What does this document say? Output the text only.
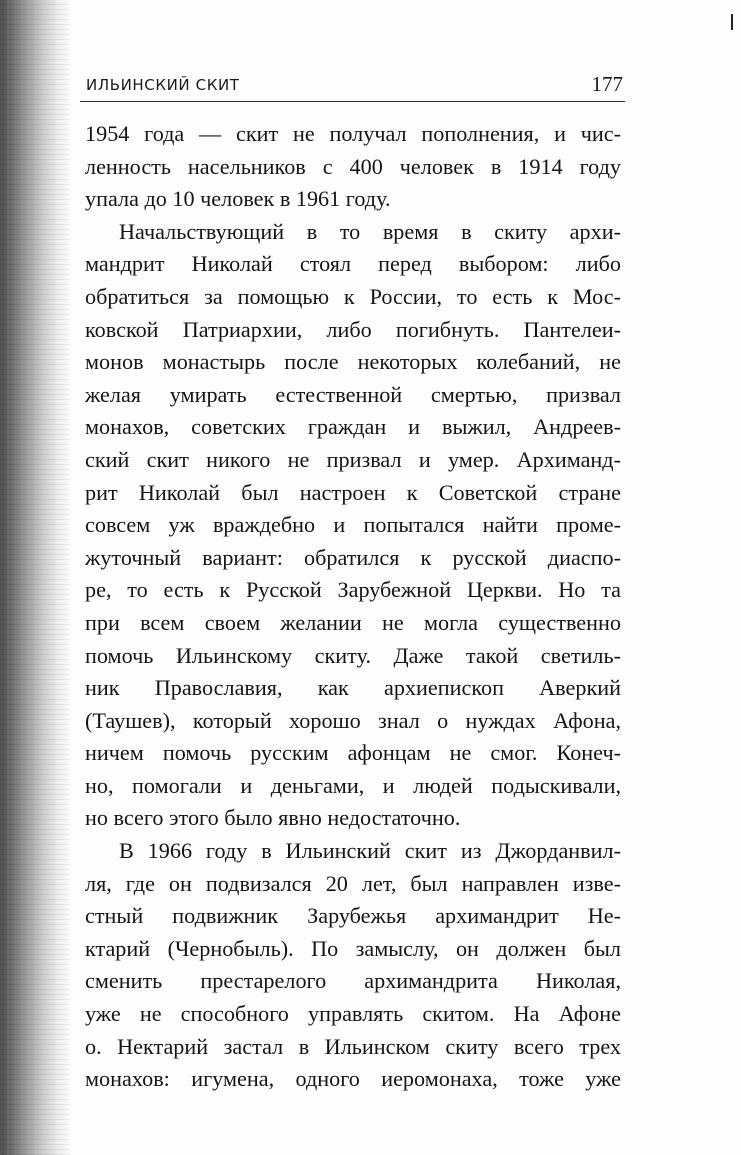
ИЛЬИНСКИЙ СКИТ	177

1954 года — скит не получал пополнения, и чис-
ленность насельников с 400 человек в 1914 году
упала до 10 человек в 1961 году.

Начальствующий в то время в скиту архи-
мандрит Николай стоял перед выбором: либо
обратиться за помощью к России, то есть к Мос-
ковской Патриархии, либо погибнуть. Пантелеи-
монов монастырь после некоторых колебаний, не
желая умирать естественной смертью, призвал
монахов, советских граждан и выжил, Андреев-
ский скит никого не призвал и умер. Архиманд-
рит Николай был настроен к Советской стране
совсем уж враждебно и попытался найти проме-
жуточный вариант: обратился к русской диаспо-
ре, то есть к Русской Зарубежной Церкви. Но та
при всем своем желании не могла существенно
помочь Ильинскому скиту. Даже такой светиль-
ник Православия, как архиепископ Аверкий
(Таушев), который хорошо знал о нуждах Афона,
ничем помочь русским афонцам не смог. Конеч-
но, помогали и деньгами, и людей подыскивали,
но всего этого было явно недостаточно.

В 1966 году в Ильинский скит из Джорданвил-
ля, где он подвизался 20 лет, был направлен изве-
стный подвижник Зарубежья архимандрит Не-
ктарий (Чернобыль). По замыслу, он должен был
сменить престарелого архимандрита Николая,
уже не способного управлять скитом. На Афоне
о. Нектарий застал в Ильинском скиту всего трех
монахов: игумена, одного иеромонаха, тоже уже
